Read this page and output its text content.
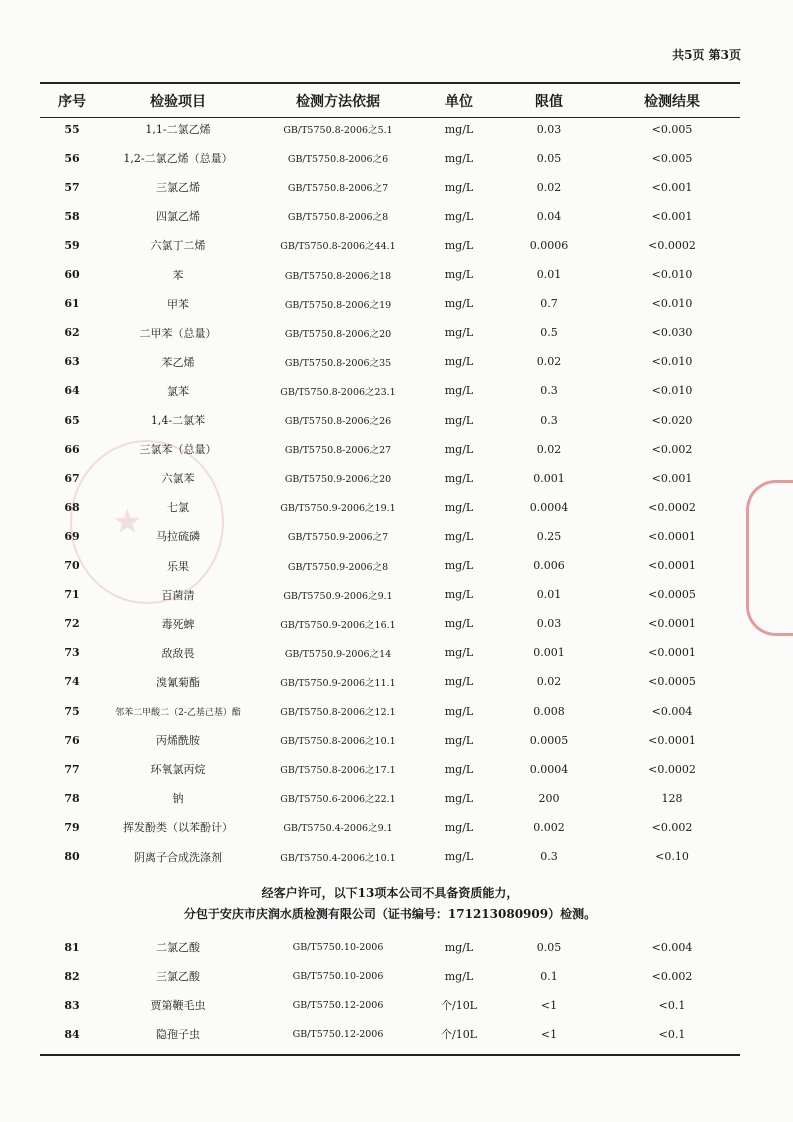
共5页 第3页
★
序号	检验项目	检测方法依据	单位	限值	检测结果
55	1,1-二氯乙烯	GB/T5750.8-2006之5.1	mg/L	0.03	<0.005
56	1,2-二氯乙烯（总量）	GB/T5750.8-2006之6	mg/L	0.05	<0.005
57	三氯乙烯	GB/T5750.8-2006之7	mg/L	0.02	<0.001
58	四氯乙烯	GB/T5750.8-2006之8	mg/L	0.04	<0.001
59	六氯丁二烯	GB/T5750.8-2006之44.1	mg/L	0.0006	<0.0002
60	苯	GB/T5750.8-2006之18	mg/L	0.01	<0.010
61	甲苯	GB/T5750.8-2006之19	mg/L	0.7	<0.010
62	二甲苯（总量）	GB/T5750.8-2006之20	mg/L	0.5	<0.030
63	苯乙烯	GB/T5750.8-2006之35	mg/L	0.02	<0.010
64	氯苯	GB/T5750.8-2006之23.1	mg/L	0.3	<0.010
65	1,4-二氯苯	GB/T5750.8-2006之26	mg/L	0.3	<0.020
66	三氯苯（总量）	GB/T5750.8-2006之27	mg/L	0.02	<0.002
67	六氯苯	GB/T5750.9-2006之20	mg/L	0.001	<0.001
68	七氯	GB/T5750.9-2006之19.1	mg/L	0.0004	<0.0002
69	马拉硫磷	GB/T5750.9-2006之7	mg/L	0.25	<0.0001
70	乐果	GB/T5750.9-2006之8	mg/L	0.006	<0.0001
71	百菌清	GB/T5750.9-2006之9.1	mg/L	0.01	<0.0005
72	毒死蜱	GB/T5750.9-2006之16.1	mg/L	0.03	<0.0001
73	敌敌畏	GB/T5750.9-2006之14	mg/L	0.001	<0.0001
74	溴氰菊酯	GB/T5750.9-2006之11.1	mg/L	0.02	<0.0005
75	邻苯二甲酸二（2-乙基己基）酯	GB/T5750.8-2006之12.1	mg/L	0.008	<0.004
76	丙烯酰胺	GB/T5750.8-2006之10.1	mg/L	0.0005	<0.0001
77	环氧氯丙烷	GB/T5750.8-2006之17.1	mg/L	0.0004	<0.0002
78	钠	GB/T5750.6-2006之22.1	mg/L	200	128
79	挥发酚类（以苯酚计）	GB/T5750.4-2006之9.1	mg/L	0.002	<0.002
80	阴离子合成洗涤剂	GB/T5750.4-2006之10.1	mg/L	0.3	<0.10
经客户许可，以下13项本公司不具备资质能力，
分包于安庆市庆润水质检测有限公司（证书编号：171213080909）检测。
81	二氯乙酸	GB/T5750.10-2006	mg/L	0.05	<0.004
82	三氯乙酸	GB/T5750.10-2006	mg/L	0.1	<0.002
83	贾第鞭毛虫	GB/T5750.12-2006	个/10L	<1	<0.1
84	隐孢子虫	GB/T5750.12-2006	个/10L	<1	<0.1
